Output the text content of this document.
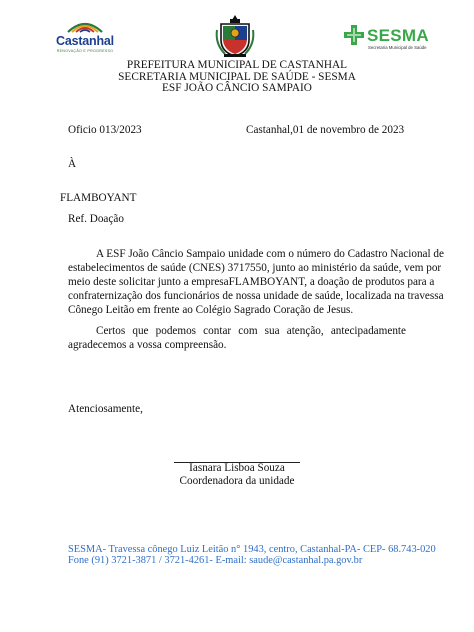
Castanhal
RENOVAÇÃO E PROGRESSO
SESMA
Secretaria Municipal de Saúde
PREFEITURA MUNICIPAL DE CASTANHAL
SECRETARIA MUNICIPAL DE SAÚDE - SESMA
ESF JOÃO CÂNCIO SAMPAIO
Oficio 013/2023	Castanhal,01 de novembro de 2023
À
FLAMBOYANT
Ref. Doação
A ESF João Câncio Sampaio unidade com o número do Cadastro Nacional de
estabelecimentos de saúde (CNES) 3717550, junto ao ministério da saúde, vem por
meio deste solicitar junto a empresaFLAMBOYANT, a doação de produtos para a
confraternização dos funcionários de nossa unidade de saúde, localizada na travessa
Cônego Leitão em frente ao Colégio Sagrado Coração de Jesus.
Certos que podemos contar com sua atenção, antecipadamente
agradecemos a vossa compreensão.
Atenciosamente,
Iasnara Lisboa Souza
Coordenadora da unidade
SESMA- Travessa cônego Luiz Leitão n° 1943, centro, Castanhal-PA- CEP- 68.743-020
Fone (91) 3721-3871 / 3721-4261- E-mail: saude@castanhal.pa.gov.br
